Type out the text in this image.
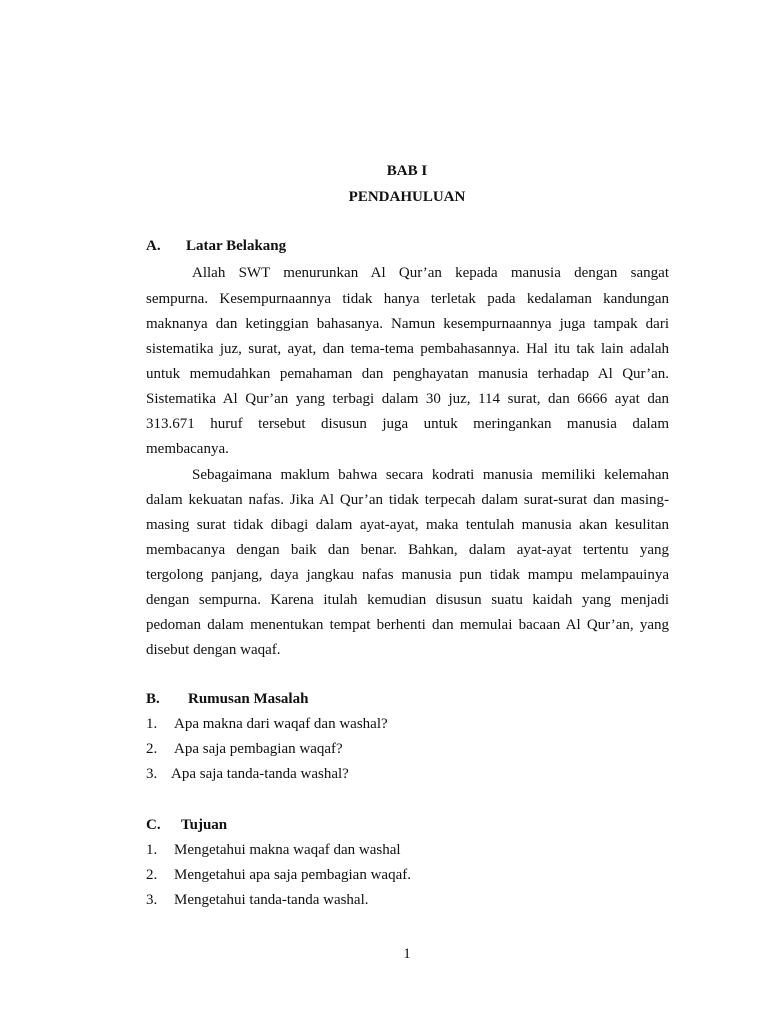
BAB I
PENDAHULUAN
A. Latar Belakang
Allah SWT menurunkan Al Qur’an kepada manusia dengan sangat
sempurna. Kesempurnaannya tidak hanya terletak pada kedalaman kandungan
maknanya dan ketinggian bahasanya. Namun kesempurnaannya juga tampak dari
sistematika juz, surat, ayat, dan tema-tema pembahasannya. Hal itu tak lain adalah
untuk memudahkan pemahaman dan penghayatan manusia terhadap Al Qur’an.
Sistematika Al Qur’an yang terbagi dalam 30 juz, 114 surat, dan 6666 ayat dan
313.671 huruf tersebut disusun juga untuk meringankan manusia dalam
membacanya.
Sebagaimana maklum bahwa secara kodrati manusia memiliki kelemahan
dalam kekuatan nafas. Jika Al Qur’an tidak terpecah dalam surat-surat dan masing-
masing surat tidak dibagi dalam ayat-ayat, maka tentulah manusia akan kesulitan
membacanya dengan baik dan benar. Bahkan, dalam ayat-ayat tertentu yang
tergolong panjang, daya jangkau nafas manusia pun tidak mampu melampauinya
dengan sempurna. Karena itulah kemudian disusun suatu kaidah yang menjadi
pedoman dalam menentukan tempat berhenti dan memulai bacaan Al Qur’an, yang
disebut dengan waqaf.
B. Rumusan Masalah
1. Apa makna dari waqaf dan washal?
2. Apa saja pembagian waqaf?
3. Apa saja tanda-tanda washal?
C. Tujuan
1. Mengetahui makna waqaf dan washal
2. Mengetahui apa saja pembagian waqaf.
3. Mengetahui tanda-tanda washal.
1
